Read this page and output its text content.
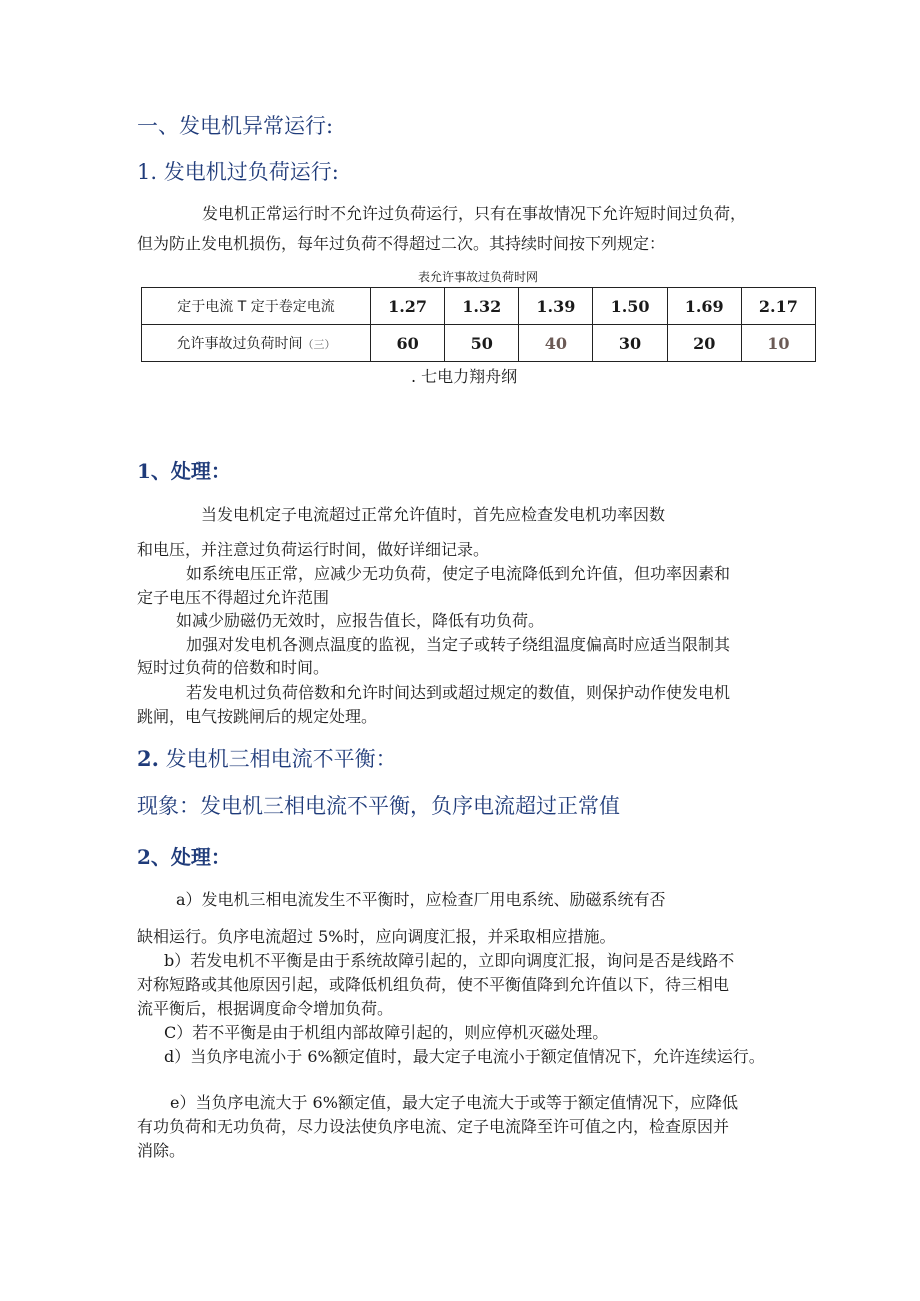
一、发电机异常运行:
1. 发电机过负荷运行:
发电机正常运行时不允许过负荷运行，只有在事故情况下允许短时间过负荷，
但为防止发电机损伤，每年过负荷不得超过二次。其持续时间按下列规定：
表允许事故过负荷时网
定于电流 T 定于卷定电流	1.27	1.32	1.39	1.50	1.69	2.17
允许事故过负荷时间（三）	60	50	40	30	20	10
. 七电力翔舟纲
1、处理：
当发电机定子电流超过正常允许值时，首先应检查发电机功率因数
和电压，并注意过负荷运行时间，做好详细记录。
如系统电压正常，应减少无功负荷，使定子电流降低到允许值，但功率因素和
定子电压不得超过允许范围
如减少励磁仍无效时，应报告值长，降低有功负荷。
加强对发电机各测点温度的监视，当定子或转子绕组温度偏高时应适当限制其
短时过负荷的倍数和时间。
若发电机过负荷倍数和允许时间达到或超过规定的数值，则保护动作使发电机
跳闸，电气按跳闸后的规定处理。
2. 发电机三相电流不平衡：
现象：发电机三相电流不平衡，负序电流超过正常值
2、处理：
a）发电机三相电流发生不平衡时，应检查厂用电系统、励磁系统有否
缺相运行。负序电流超过 5%时，应向调度汇报，并采取相应措施。
b）若发电机不平衡是由于系统故障引起的，立即向调度汇报，询问是否是线路不
对称短路或其他原因引起，或降低机组负荷，使不平衡值降到允许值以下，待三相电
流平衡后，根据调度命令增加负荷。
C）若不平衡是由于机组内部故障引起的，则应停机灭磁处理。
d）当负序电流小于 6%额定值时，最大定子电流小于额定值情况下，允许连续运行。
e）当负序电流大于 6%额定值，最大定子电流大于或等于额定值情况下，应降低
有功负荷和无功负荷，尽力设法使负序电流、定子电流降至许可值之内，检查原因并
消除。
